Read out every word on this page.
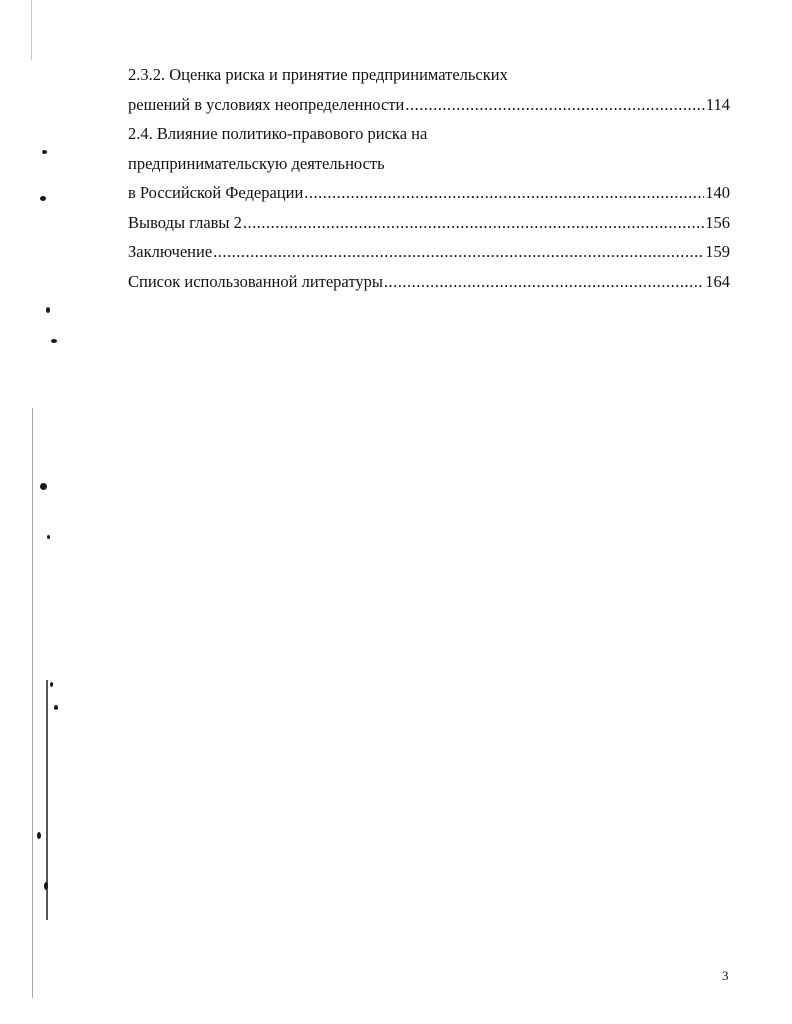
2.3.2. Оценка риска и принятие предпринимательских
решений в условиях неопределенности .....	114
2.4. Влияние политико-правового риска на
предпринимательскую деятельность
в Российской Федерации .....	140
Выводы главы 2 .....	156
Заключение .....	159
Список использованной литературы .....	164
3
